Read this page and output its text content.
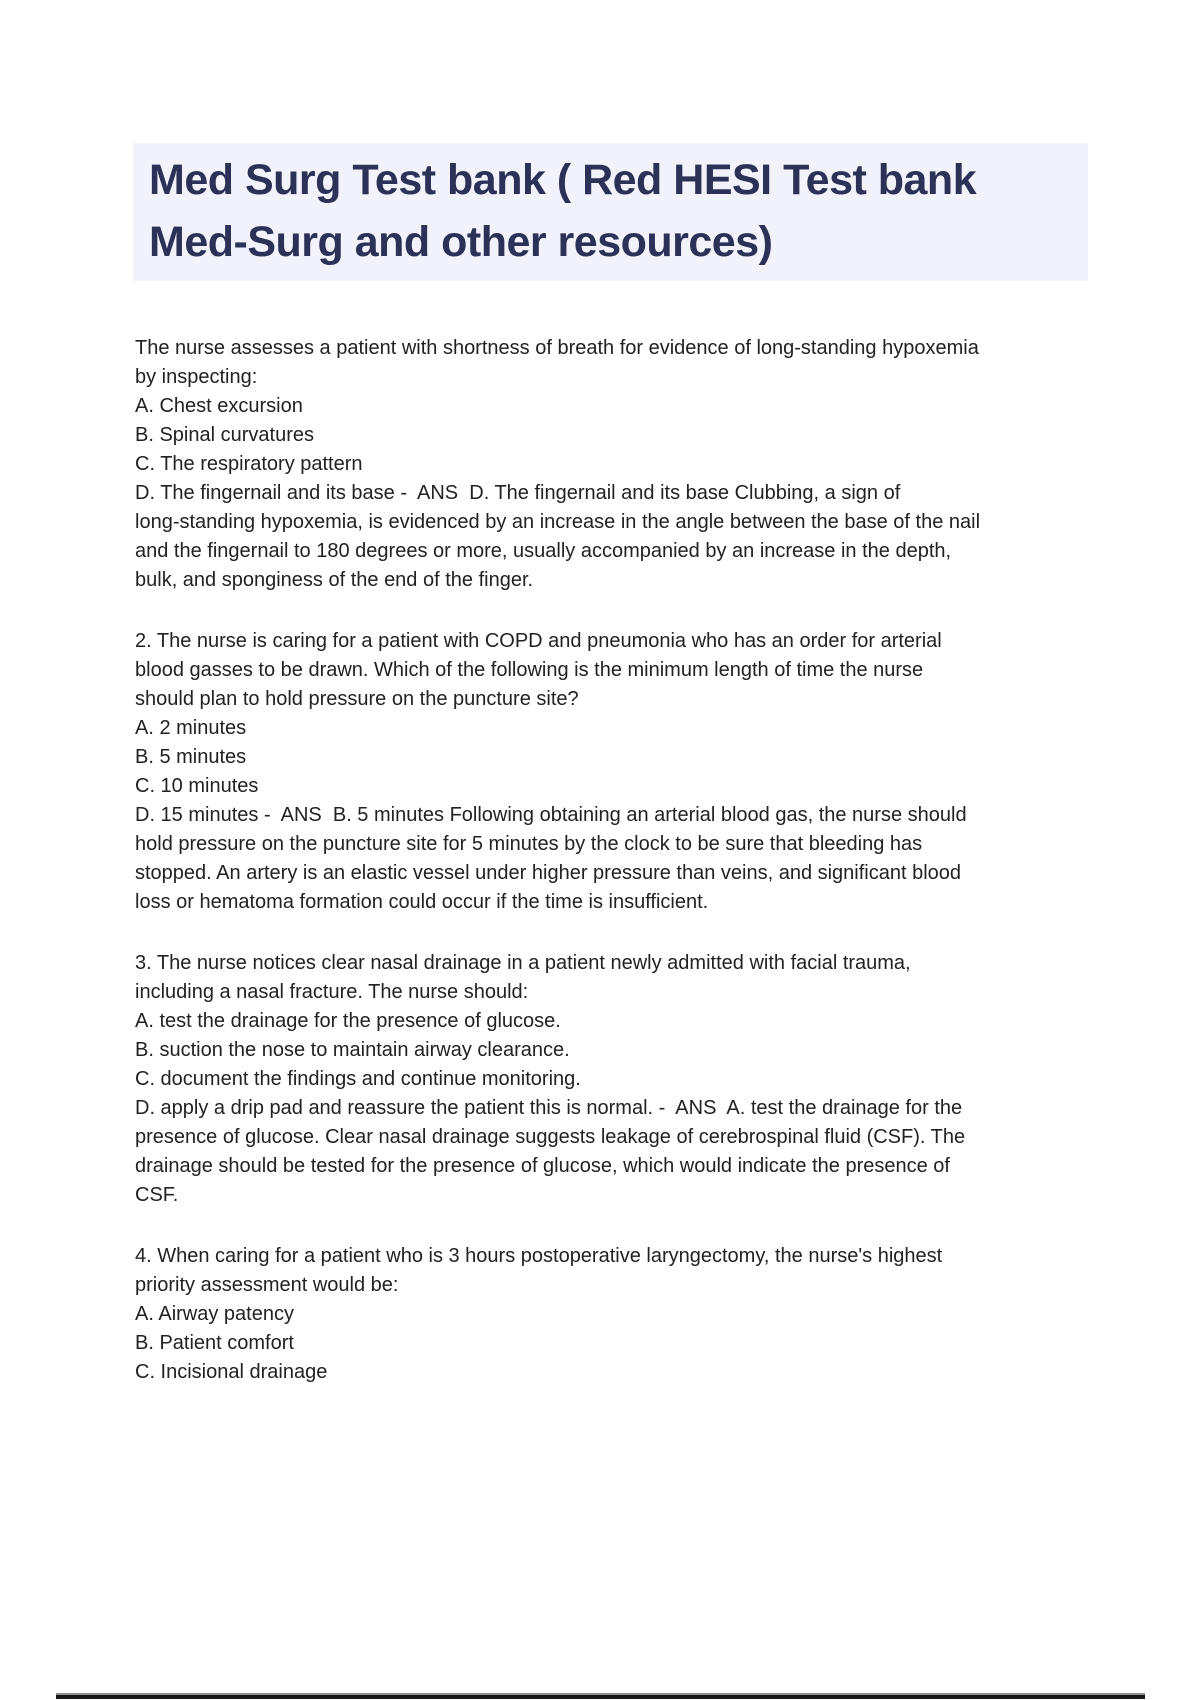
Med Surg Test bank ( Red HESI Test bank
Med-Surg and other resources)
The nurse assesses a patient with shortness of breath for evidence of long-standing hypoxemia
by inspecting:
A. Chest excursion
B. Spinal curvatures
C. The respiratory pattern
D. The fingernail and its base -  ANS  D. The fingernail and its base Clubbing, a sign of
long-standing hypoxemia, is evidenced by an increase in the angle between the base of the nail
and the fingernail to 180 degrees or more, usually accompanied by an increase in the depth,
bulk, and sponginess of the end of the finger.
2. The nurse is caring for a patient with COPD and pneumonia who has an order for arterial
blood gasses to be drawn. Which of the following is the minimum length of time the nurse
should plan to hold pressure on the puncture site?
A. 2 minutes
B. 5 minutes
C. 10 minutes
D. 15 minutes -  ANS  B. 5 minutes Following obtaining an arterial blood gas, the nurse should
hold pressure on the puncture site for 5 minutes by the clock to be sure that bleeding has
stopped. An artery is an elastic vessel under higher pressure than veins, and significant blood
loss or hematoma formation could occur if the time is insufficient.
3. The nurse notices clear nasal drainage in a patient newly admitted with facial trauma,
including a nasal fracture. The nurse should:
A. test the drainage for the presence of glucose.
B. suction the nose to maintain airway clearance.
C. document the findings and continue monitoring.
D. apply a drip pad and reassure the patient this is normal. -  ANS  A. test the drainage for the
presence of glucose. Clear nasal drainage suggests leakage of cerebrospinal fluid (CSF). The
drainage should be tested for the presence of glucose, which would indicate the presence of
CSF.
4. When caring for a patient who is 3 hours postoperative laryngectomy, the nurse's highest
priority assessment would be:
A. Airway patency
B. Patient comfort
C. Incisional drainage
